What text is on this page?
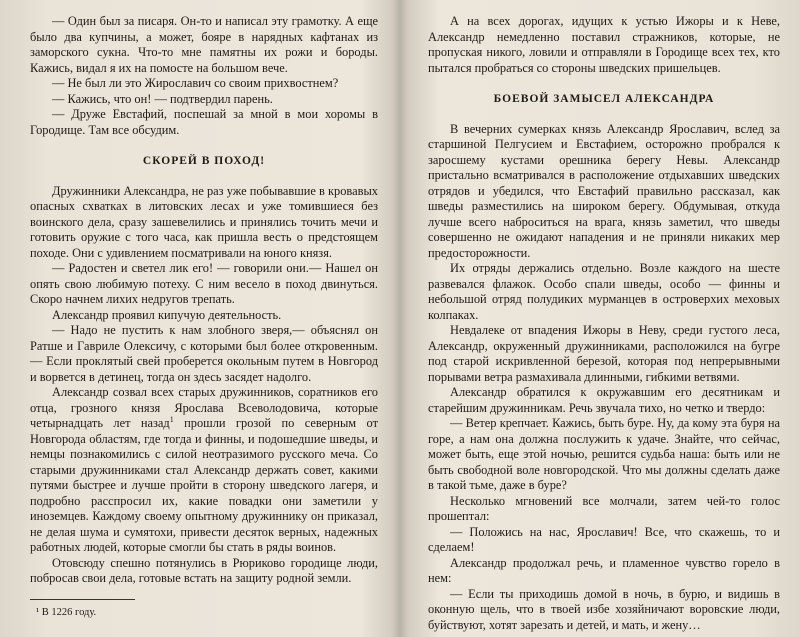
— Один был за писаря. Он-то и написал эту грамотку. А еще было два купчины, а может, бояре в нарядных кафтанах из заморского сукна. Что-то мне памятны их рожи и бороды. Кажись, видал я их на помосте на большом вече.

— Не был ли это Жирославич со своим прихвостнем?

— Кажись, что он! — подтвердил парень.

— Друже Евстафий, поспешай за мной в мои хоромы в Городище. Там все обсудим.

СКОРЕЙ В ПОХОД!

Дружинники Александра, не раз уже побывавшие в кровавых опасных схватках в литовских лесах и уже томившиеся без воинского дела, сразу зашевелились и принялись точить мечи и готовить оружие с того часа, как пришла весть о предстоящем походе. Они с удивлением посматривали на юного князя.

— Радостен и светел лик его! — говорили они.— Нашел он опять свою любимую потеху. С ним весело в поход двинуться. Скоро начнем лихих недругов трепать.

Александр проявил кипучую деятельность.

— Надо не пустить к нам злобного зверя,— объяснял он Ратше и Гавриле Олексичу, с которыми был более откровенным.— Если проклятый свей проберется окольным путем в Новгород и ворвется в детинец, тогда он здесь засядет надолго.

Александр созвал всех старых дружинников, соратников его отца, грозного князя Ярослава Всеволодовича, которые четырнадцать лет назад$^1$ прошли грозой по северным от Новгорода областям, где тогда и финны, и подошедшие шведы, и немцы познакомились с силой неотразимого русского меча. Со старыми дружинниками стал Александр держать совет, какими путями быстрее и лучше пройти в сторону шведского лагеря, и подробно расспросил их, какие повадки они заметили у иноземцев. Каждому своему опытному дружиннику он приказал, не делая шума и сумятохи, привести десяток верных, надежных работных людей, которые смогли бы стать в ряды воинов.

Отовсюду спешно потянулись в Рюриково городище люди, побросав свои дела, готовые встать на защиту родной земли.

¹ В 1226 году.

А на всех дорогах, идущих к устью Ижоры и к Неве, Александр немедленно поставил стражников, которые, не пропуская никого, ловили и отправляли в Городище всех тех, кто пытался пробраться со стороны шведских пришельцев.

БОЕВОЙ ЗАМЫСЕЛ АЛЕКСАНДРА

В вечерних сумерках князь Александр Ярославич, вслед за старшиной Пелгусием и Евстафием, осторожно пробрался к заросшему кустами орешника берегу Невы. Александр пристально всматривался в расположение отдыхавших шведских отрядов и убедился, что Евстафий правильно рассказал, как шведы разместились на широком берегу. Обдумывая, откуда лучше всего наброситься на врага, князь заметил, что шведы совершенно не ожидают нападения и не приняли никаких мер предосторожности.

Их отряды держались отдельно. Возле каждого на шесте развевался флажок. Особо спали шведы, особо — финны и небольшой отряд полудиких мурманцев в островерхих меховых колпаках.

Невдалеке от впадения Ижоры в Неву, среди густого леса, Александр, окруженный дружинниками, расположился на бугре под старой искривленной березой, которая под непрерывными порывами ветра размахивала длинными, гибкими ветвями.

Александр обратился к окружавшим его десятникам и старейшим дружинникам. Речь звучала тихо, но четко и твердо:

— Ветер крепчает. Кажись, быть буре. Ну, да кому эта буря на горе, а нам она должна послужить к удаче. Знайте, что сейчас, может быть, еще этой ночью, решится судьба наша: быть или не быть свободной воле новгородской. Что мы должны сделать даже в такой тьме, даже в буре?

Несколько мгновений все молчали, затем чей-то голос прошептал:

— Положись на нас, Ярославич! Все, что скажешь, то и сделаем!

Александр продолжал речь, и пламенное чувство горело в нем:

— Если ты приходишь домой в ночь, в бурю, и видишь в оконную щель, что в твоей избе хозяйничают воровские люди, буйствуют, хотят зарезать и детей, и мать, и жену…
